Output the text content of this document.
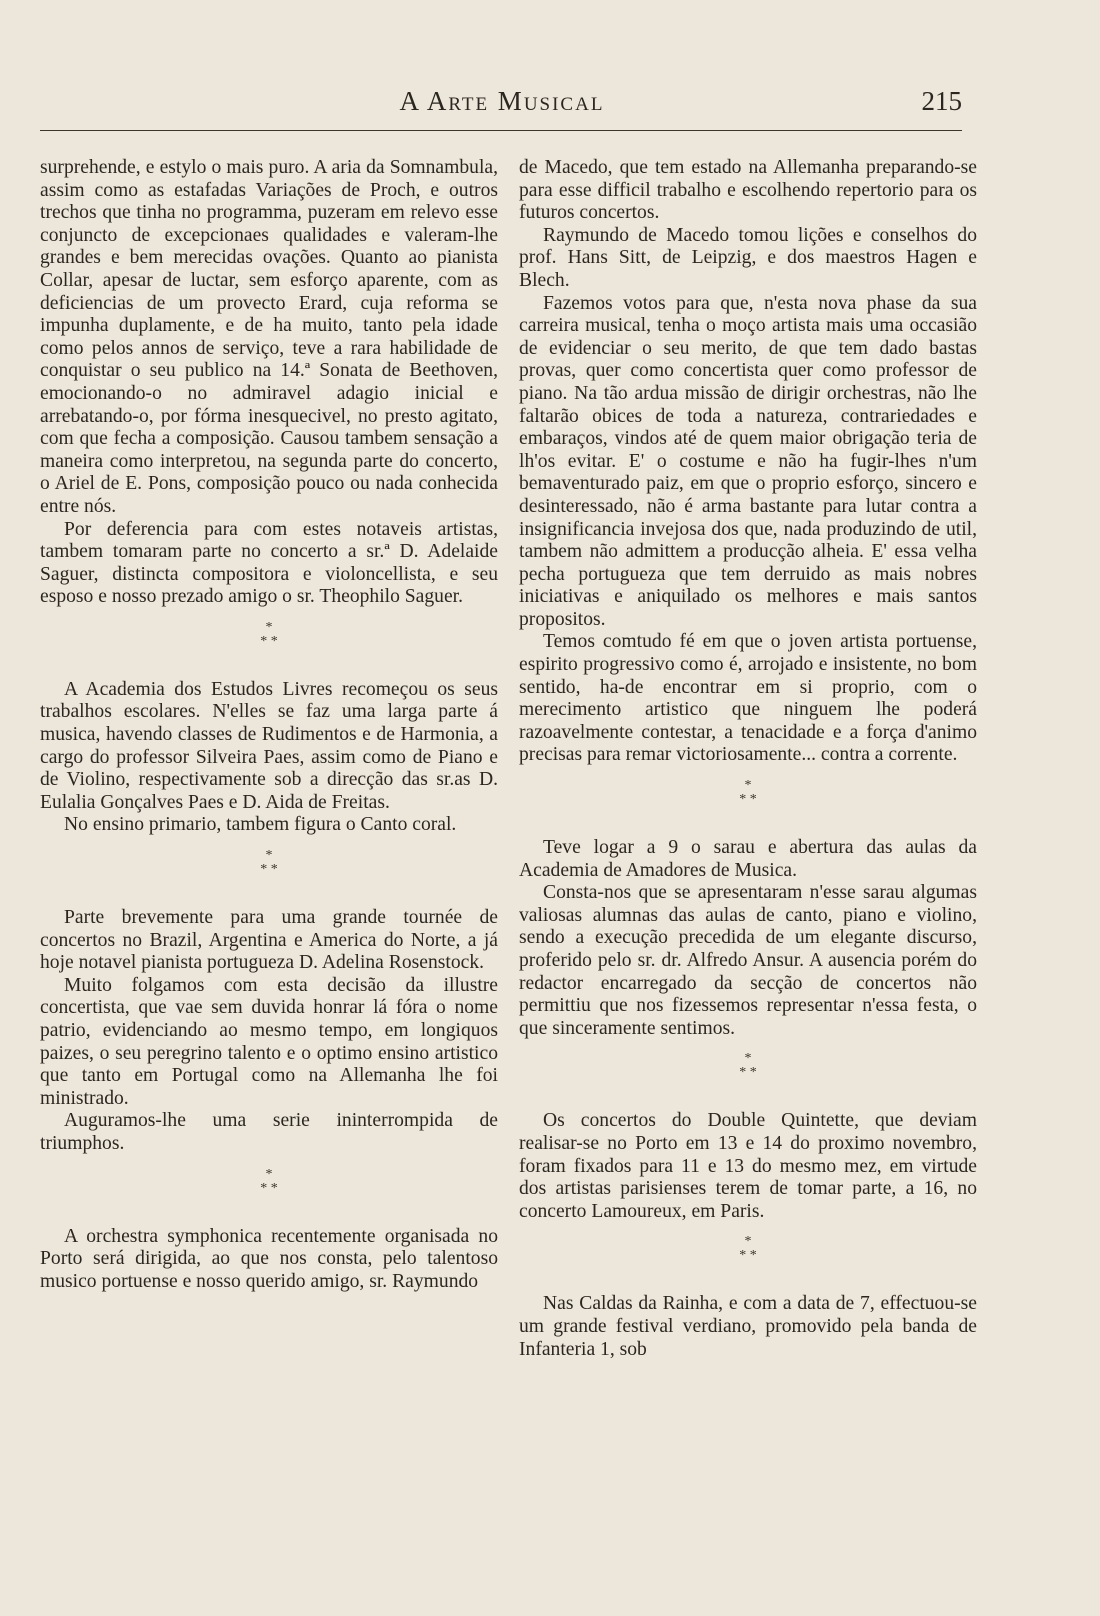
A Arte Musical	215

surprehende, e estylo o mais puro. A aria da Somnambula, assim como as estafadas Variações de Proch, e outros trechos que tinha no programma, puzeram em relevo esse conjuncto de excepcionaes qualidades e valeram-lhe grandes e bem merecidas ovações. Quanto ao pianista Collar, apesar de luctar, sem esforço aparente, com as deficiencias de um provecto Erard, cuja reforma se impunha duplamente, e de ha muito, tanto pela idade como pelos annos de serviço, teve a rara habilidade de conquistar o seu publico na 14.ª Sonata de Beethoven, emocionando-o no admiravel adagio inicial e arrebatando-o, por fórma inesquecivel, no presto agitato, com que fecha a composição. Causou tambem sensação a maneira como interpretou, na segunda parte do concerto, o Ariel de E. Pons, composição pouco ou nada conhecida entre nós.

Por deferencia para com estes notaveis artistas, tambem tomaram parte no concerto a sr.ª D. Adelaide Saguer, distincta compositora e violoncellista, e seu esposo e nosso prezado amigo o sr. Theophilo Saguer.

*
* *

A Academia dos Estudos Livres recomeçou os seus trabalhos escolares. N'elles se faz uma larga parte á musica, havendo classes de Rudimentos e de Harmonia, a cargo do professor Silveira Paes, assim como de Piano e de Violino, respectivamente sob a direcção das sr.as D. Eulalia Gonçalves Paes e D. Aida de Freitas.

No ensino primario, tambem figura o Canto coral.

*
* *

Parte brevemente para uma grande tournée de concertos no Brazil, Argentina e America do Norte, a já hoje notavel pianista portugueza D. Adelina Rosenstock.

Muito folgamos com esta decisão da illustre concertista, que vae sem duvida honrar lá fóra o nome patrio, evidenciando ao mesmo tempo, em longiquos paizes, o seu peregrino talento e o optimo ensino artistico que tanto em Portugal como na Allemanha lhe foi ministrado.

Auguramos-lhe uma serie ininterrompida de triumphos.

*
* *

A orchestra symphonica recentemente organisada no Porto será dirigida, ao que nos consta, pelo talentoso musico portuense e nosso querido amigo, sr. Raymundo

de Macedo, que tem estado na Allemanha preparando-se para esse difficil trabalho e escolhendo repertorio para os futuros concertos.

Raymundo de Macedo tomou lições e conselhos do prof. Hans Sitt, de Leipzig, e dos maestros Hagen e Blech.

Fazemos votos para que, n'esta nova phase da sua carreira musical, tenha o moço artista mais uma occasião de evidenciar o seu merito, de que tem dado bastas provas, quer como concertista quer como professor de piano. Na tão ardua missão de dirigir orchestras, não lhe faltarão obices de toda a natureza, contrariedades e embaraços, vindos até de quem maior obrigação teria de lh'os evitar. E' o costume e não ha fugir-lhes n'um bemaventurado paiz, em que o proprio esforço, sincero e desinteressado, não é arma bastante para lutar contra a insignificancia invejosa dos que, nada produzindo de util, tambem não admittem a producção alheia. E' essa velha pecha portugueza que tem derruido as mais nobres iniciativas e aniquilado os melhores e mais santos propositos.

Temos comtudo fé em que o joven artista portuense, espirito progressivo como é, arrojado e insistente, no bom sentido, ha-de encontrar em si proprio, com o merecimento artistico que ninguem lhe poderá razoavelmente contestar, a tenacidade e a força d'animo precisas para remar victoriosamente... contra a corrente.

*
* *

Teve logar a 9 o sarau e abertura das aulas da Academia de Amadores de Musica.

Consta-nos que se apresentaram n'esse sarau algumas valiosas alumnas das aulas de canto, piano e violino, sendo a execução precedida de um elegante discurso, proferido pelo sr. dr. Alfredo Ansur. A ausencia porém do redactor encarregado da secção de concertos não permittiu que nos fizessemos representar n'essa festa, o que sinceramente sentimos.

*
* *

Os concertos do Double Quintette, que deviam realisar-se no Porto em 13 e 14 do proximo novembro, foram fixados para 11 e 13 do mesmo mez, em virtude dos artistas parisienses terem de tomar parte, a 16, no concerto Lamoureux, em Paris.

*
* *

Nas Caldas da Rainha, e com a data de 7, effectuou-se um grande festival verdiano, promovido pela banda de Infanteria 1, sob
